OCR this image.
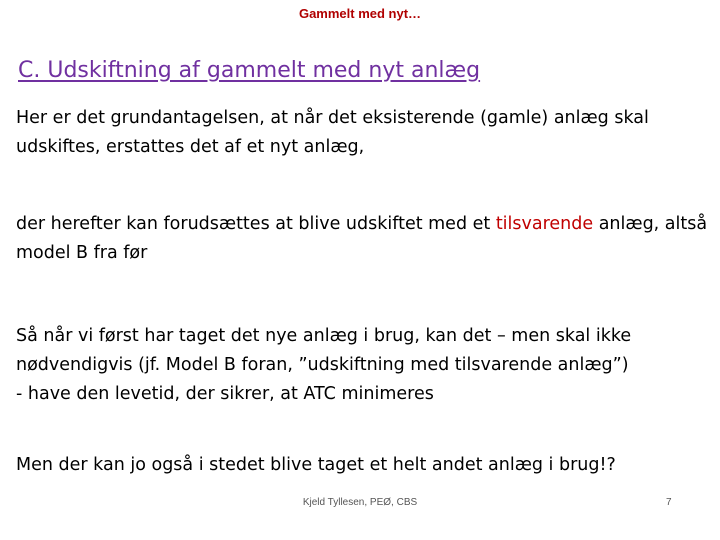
Gammelt med nyt…
C. Udskiftning af gammelt med nyt anlæg

Her er det grundantagelsen, at når det eksisterende (gamle) anlæg skal udskiftes, erstattes det af et nyt anlæg,

der herefter kan forudsættes at blive udskiftet med et tilsvarende anlæg, altså model B fra før

Så når vi først har taget det nye anlæg i brug, kan det – men skal ikke
nødvendigvis (jf. Model B foran, ”udskiftning med tilsvarende anlæg”)
- have den levetid, der sikrer, at ATC minimeres

Men der kan jo også i stedet blive taget et helt andet anlæg i brug!?

Kjeld Tyllesen, PEØ, CBS	7
